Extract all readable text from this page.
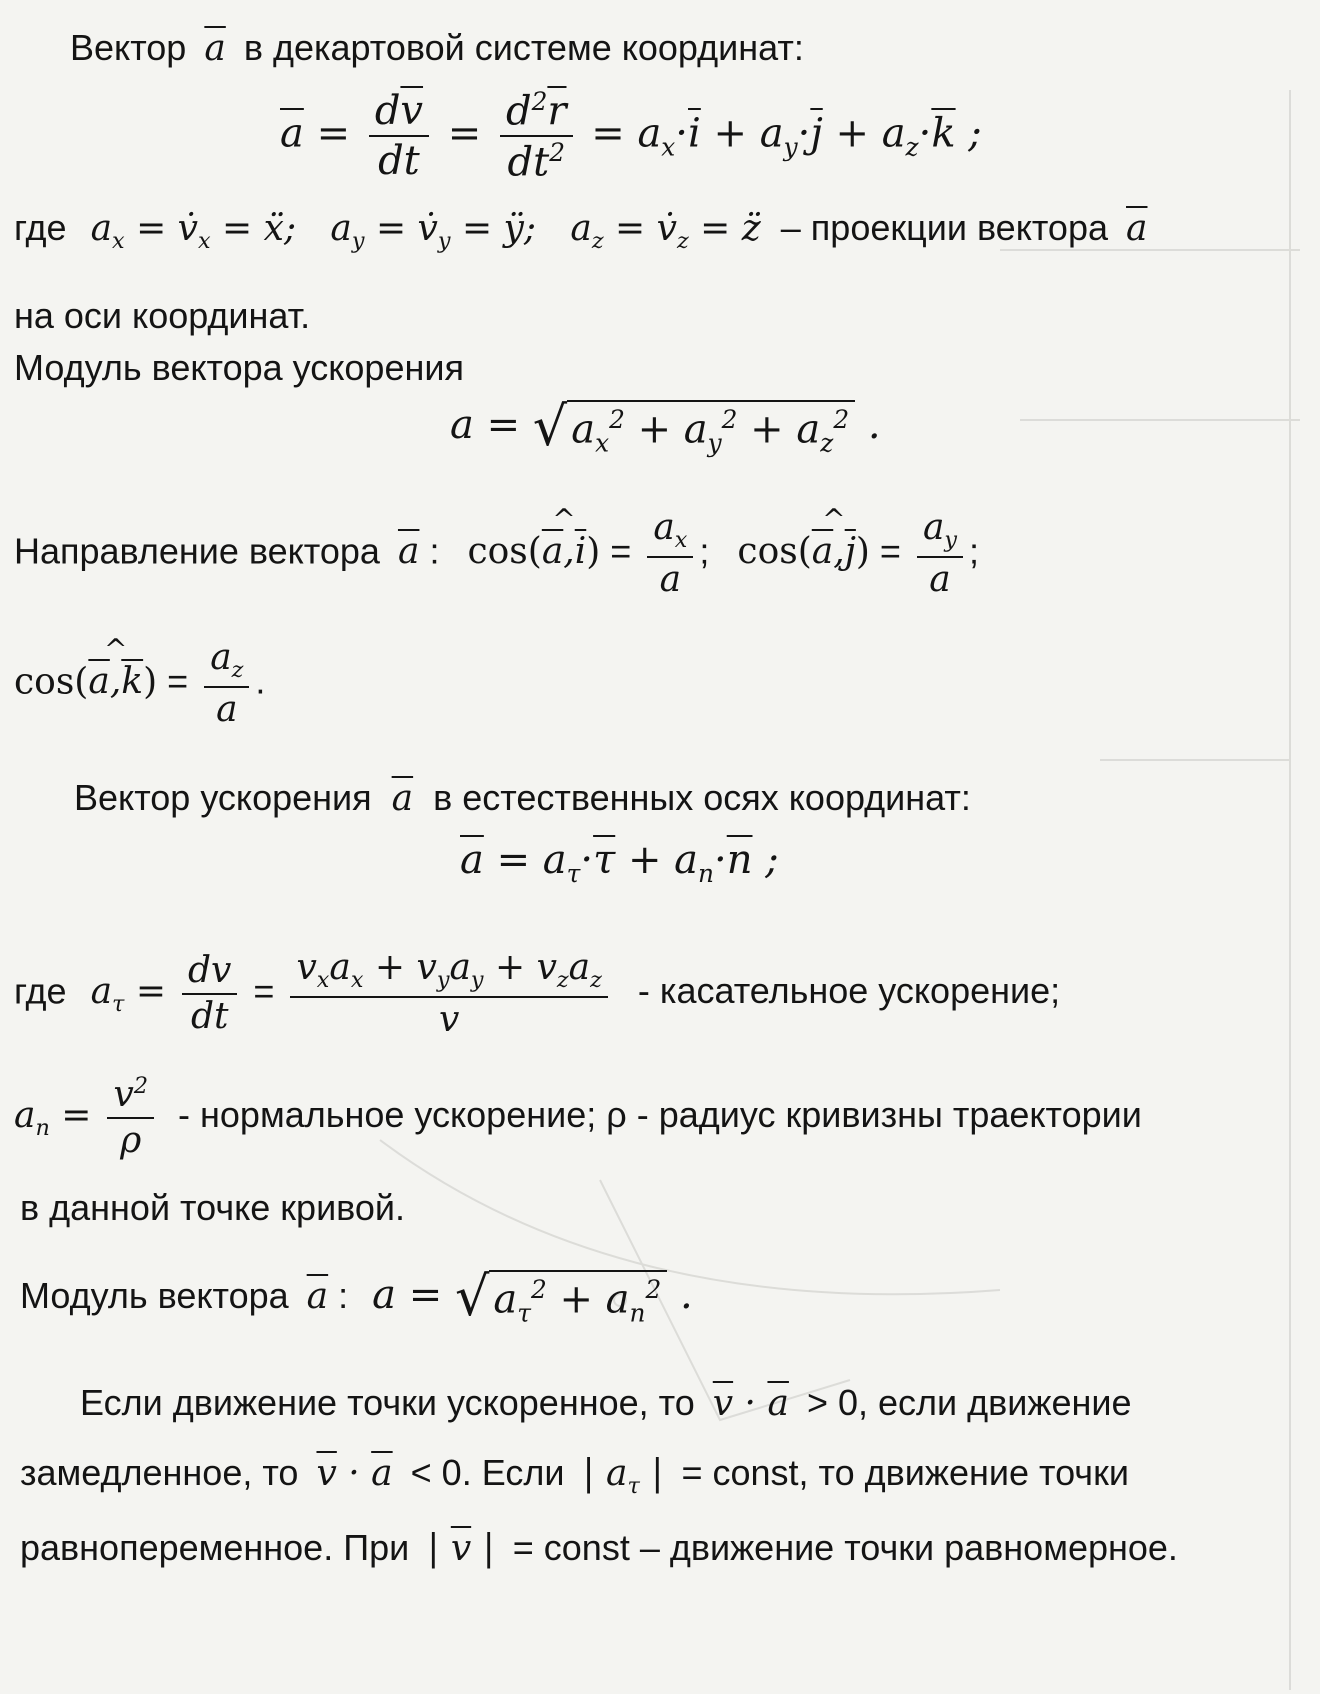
Вектор $\overline{a}$ в декартовой системе координат:
$\overline{a} = \frac{d\overline{v}}{dt} = \frac{d^2\overline{r}}{dt^2} = a_x\cdot\overline{i} + a_y\cdot\overline{j} + a_z\cdot\overline{k}$ ;
где $a_x$ = $v̇_x$ = ẍ;   $a_y$ = $v̇_y$ = ÿ;   $a_z$ = $v̇_z$ = z̈ – проекции вектора $\overline{a}$
на оси координат.
Модуль вектора ускорения
a = √ $a_x^2 + a_y^2 + a_z^2$ .
Направление вектора $\overline{a}$ : cos(^ $\overline{a},\overline{i}) = \frac{a_x}{a}$ ; cos(^ $\overline{a},\overline{j}) = \frac{a_y}{a}$ ;
cos(^ $\overline{a},\overline{k}) = \frac{a_z}{a}$ .
Вектор ускорения $\overline{a}$ в естественных осях координат:
$\overline{a} = a_\tau\cdot\overline{\tau} + a_n\cdot\overline{n}$ ;
где $a_\tau = \frac{dv}{dt} = \frac{v_xa_x + v_ya_y + v_za_z}{v}$ - касательное ускорение;
$a_n = \frac{v^2}{\rho}$ - нормальное ускорение; ρ - радиус кривизны траектории
в данной точке кривой.
Модуль вектора $\overline{a}$ : a = √ $a_\tau^2 + a_n^2$ .
Если движение точки ускоренное, то $\overline{v} \cdot \overline{a} > 0$, если движение
замедленное, то $\overline{v} \cdot \overline{a} < 0$. Если | $a_\tau$ | = const, то движение точки
равнопеременное. При | $\overline{v}$ | = const – движение точки равномерное.
